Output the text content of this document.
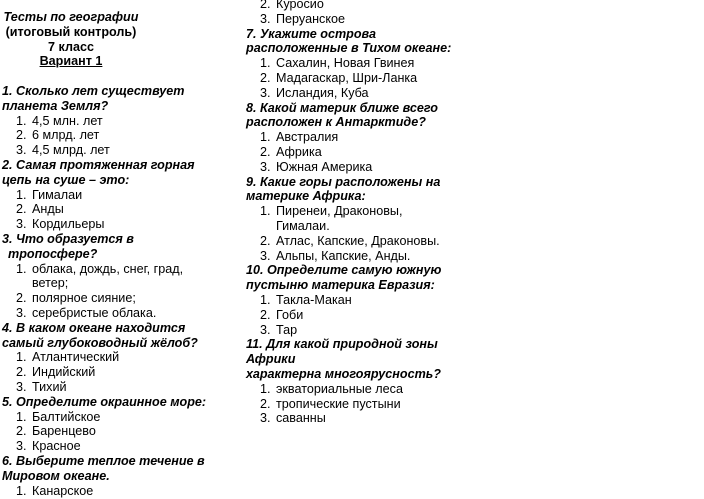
Тесты по географии (итоговый контроль)
7 класс
Вариант 1
1. Сколько лет существует
планета Земля?
1. 4,5 млн. лет
2. 6 млрд. лет
3. 4,5 млрд. лет
2. Самая протяженная горная
цепь на суше – это:
1. Гималаи
2. Анды
3. Кордильеры
3. Что образуется в
тропосфере?
1. облака, дождь, снег, град,
ветер;
2. полярное сияние;
3. серебристые облака.
4. В каком океане находится
самый глубоководный жёлоб?
1. Атлантический
2. Индийский
3. Тихий
5. Определите окраинное море:
1. Балтийское
2. Баренцево
3. Красное
6. Выберите теплое течение в
Мировом океане.
1. Канарское
2. Куросио
3. Перуанское
7. Укажите острова
расположенные в Тихом океане:
1. Сахалин, Новая Гвинея
2. Мадагаскар, Шри-Ланка
3. Исландия, Куба
8. Какой материк ближе всего
расположен к Антарктиде?
1. Австралия
2. Африка
3. Южная Америка
9. Какие горы расположены на
материке Африка:
1. Пиренеи, Драконовы,
Гималаи.
2. Атлас, Капские, Драконовы.
3. Альпы, Капские, Анды.
10. Определите самую южную
пустыню материка Евразия:
1. Такла-Макан
2. Гоби
3. Тар
11. Для какой природной зоны
Африки
характерна многоярусность?
1. экваториальные леса
2. тропические пустыни
3. саванны
